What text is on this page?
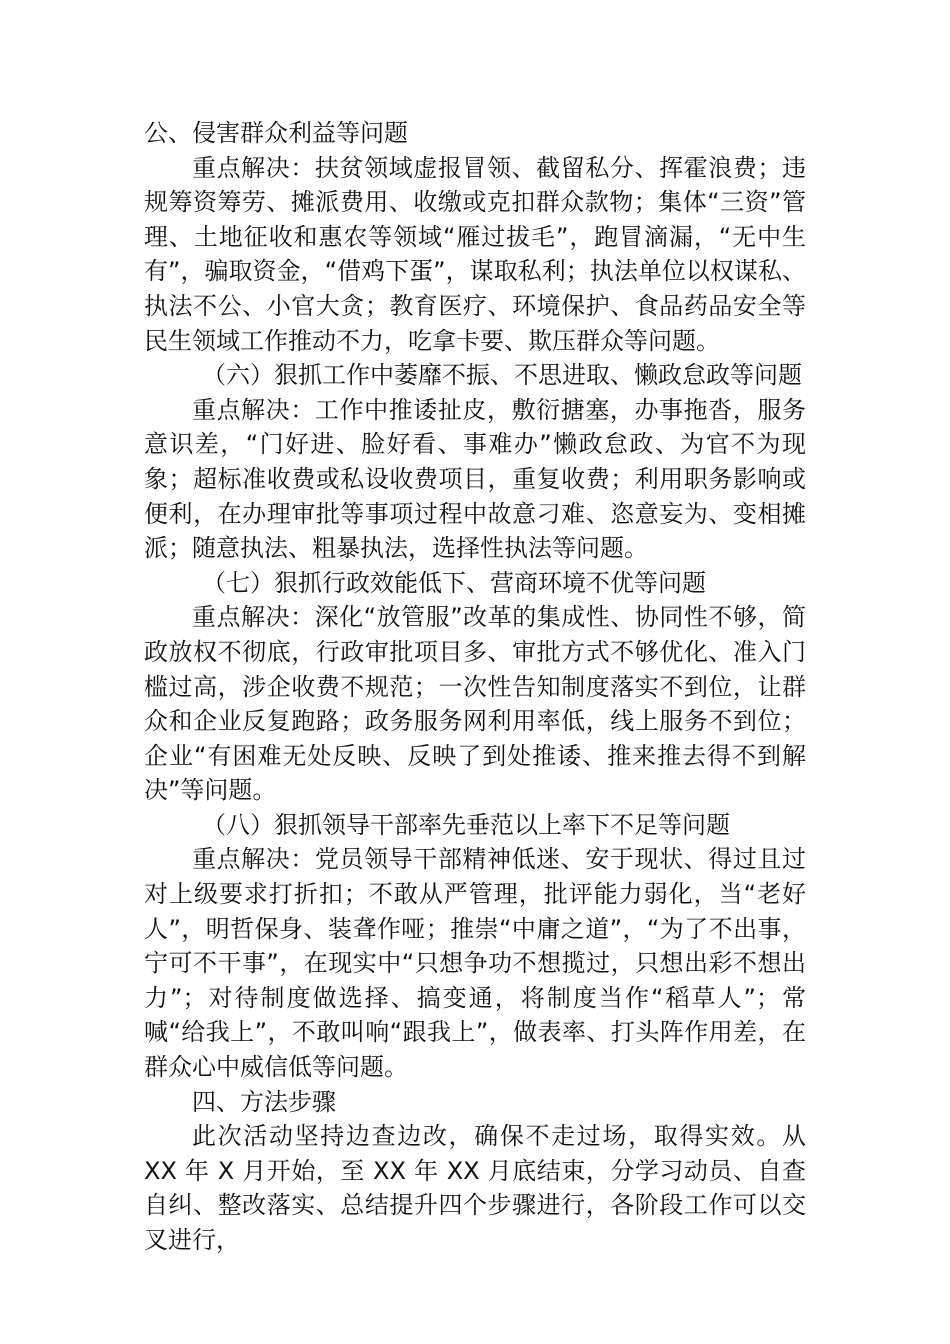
公、侵害群众利益等问题

重点解决：扶贫领域虚报冒领、截留私分、挥霍浪费；违规筹资筹劳、摊派费用、收缴或克扣群众款物；集体“三资”管理、土地征收和惠农等领域“雁过拔毛”，跑冒滴漏，“无中生有”，骗取资金，“借鸡下蛋”，谋取私利；执法单位以权谋私、执法不公、小官大贪；教育医疗、环境保护、食品药品安全等民生领域工作推动不力，吃拿卡要、欺压群众等问题。

（六）狠抓工作中萎靡不振、不思进取、懒政怠政等问题

重点解决：工作中推诿扯皮，敷衍搪塞，办事拖沓，服务意识差，“门好进、脸好看、事难办”懒政怠政、为官不为现象；超标准收费或私设收费项目，重复收费；利用职务影响或便利，在办理审批等事项过程中故意刁难、恣意妄为、变相摊派；随意执法、粗暴执法，选择性执法等问题。

（七）狠抓行政效能低下、营商环境不优等问题

重点解决：深化“放管服”改革的集成性、协同性不够，简政放权不彻底，行政审批项目多、审批方式不够优化、准入门槛过高，涉企收费不规范；一次性告知制度落实不到位，让群众和企业反复跑路；政务服务网利用率低，线上服务不到位；企业“有困难无处反映、反映了到处推诿、推来推去得不到解决”等问题。

（八）狠抓领导干部率先垂范以上率下不足等问题

重点解决：党员领导干部精神低迷、安于现状、得过且过对上级要求打折扣；不敢从严管理，批评能力弱化，当“老好人”，明哲保身、装聋作哑；推崇“中庸之道”，“为了不出事，宁可不干事”，在现实中“只想争功不想揽过，只想出彩不想出力”；对待制度做选择、搞变通，将制度当作“稻草人”；常喊“给我上”，不敢叫响“跟我上”，做表率、打头阵作用差，在群众心中威信低等问题。

四、方法步骤

此次活动坚持边查边改，确保不走过场，取得实效。从 XX 年 X 月开始，至 XX 年 XX 月底结束，分学习动员、自查自纠、整改落实、总结提升四个步骤进行，各阶段工作可以交叉进行，
